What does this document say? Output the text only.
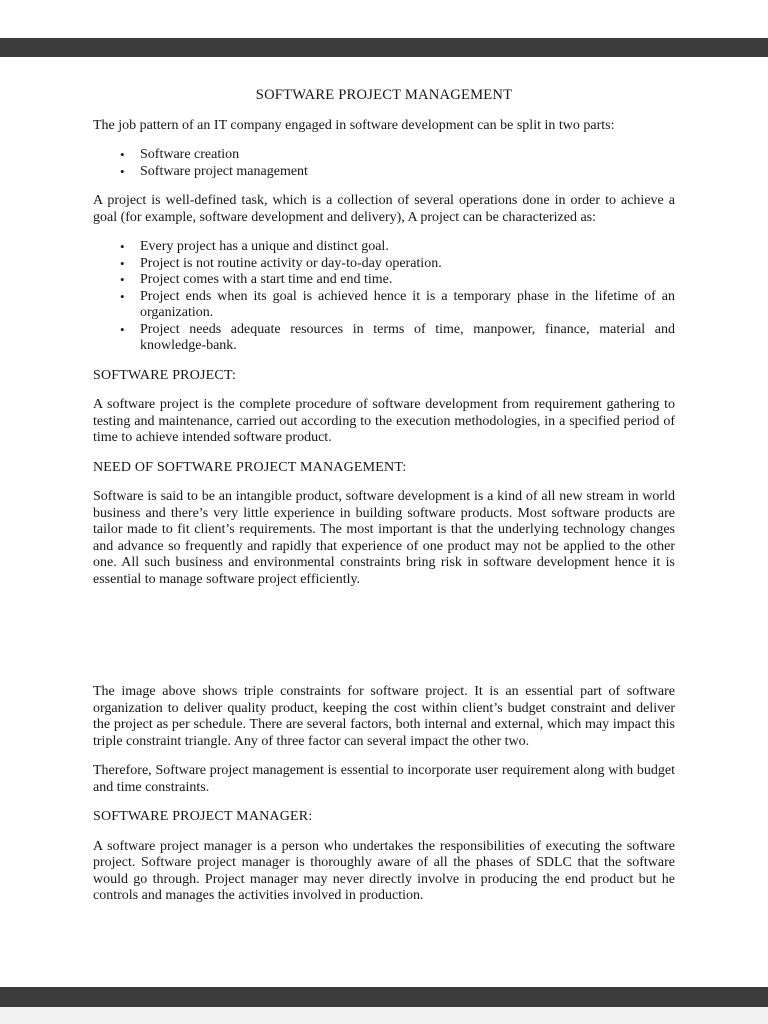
SOFTWARE PROJECT MANAGEMENT

The job pattern of an IT company engaged in software development can be split in two parts:

•	Software creation
•	Software project management

A project is well-defined task, which is a collection of several operations done in order to achieve a goal (for example, software development and delivery), A project can be characterized as:

•	Every project has a unique and distinct goal.
•	Project is not routine activity or day-to-day operation.
•	Project comes with a start time and end time.
•	Project ends when its goal is achieved hence it is a temporary phase in the lifetime of an organization.
•	Project needs adequate resources in terms of time, manpower, finance, material and knowledge-bank.
SOFTWARE PROJECT:

A software project is the complete procedure of software development from requirement gathering to testing and maintenance, carried out according to the execution methodologies, in a specified period of time to achieve intended software product.

NEED OF SOFTWARE PROJECT MANAGEMENT:

Software is said to be an intangible product, software development is a kind of all new stream in world business and there’s very little experience in building software products. Most software products are tailor made to fit client’s requirements. The most important is that the underlying technology changes and advance so frequently and rapidly that experience of one product may not be applied to the other one. All such business and environmental constraints bring risk in software development hence it is essential to manage software project efficiently.

The image above shows triple constraints for software project. It is an essential part of software organization to deliver quality product, keeping the cost within client’s budget constraint and deliver the project as per schedule. There are several factors, both internal and external, which may impact this triple constraint triangle. Any of three factor can several impact the other two.

Therefore, Software project management is essential to incorporate user requirement along with budget and time constraints.

SOFTWARE PROJECT MANAGER:

A software project manager is a person who undertakes the responsibilities of executing the software project. Software project manager is thoroughly aware of all the phases of SDLC that the software would go through. Project manager may never directly involve in producing the end product but he controls and manages the activities involved in production.
